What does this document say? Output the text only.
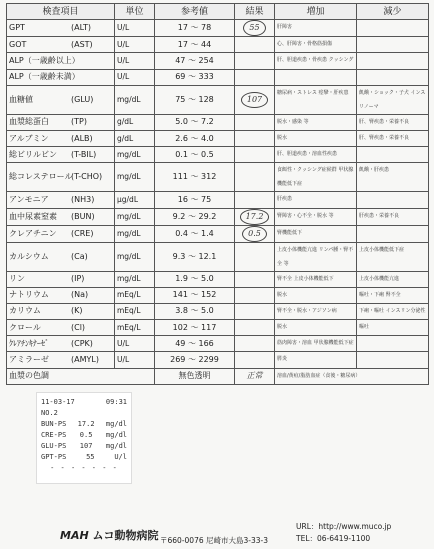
検査項目	単位	参考値	結果	増加	減少
GPT (ALT)	U/L	17 〜 78	55	肝障害	
GOT (AST)	U/L	17 〜 44		心、肝障害・骨格筋損傷	
ALP（一歳齢以上）	U/L	47 〜 254		肝、胆道疾患・骨疾患 クッシング	
ALP（一歳齢未満）	U/L	69 〜 333			
血糖値 (GLU)	mg/dL	75 〜 128	107	糖尿病・ストレス 痙攣・肝疾患	飢餓・ショック・子犬 インスリノーマ
血漿総蛋白 (TP)	g/dL	5.0 〜 7.2		脱水・感染 等	肝、腎疾患・栄養不良
アルブミン (ALB)	g/dL	2.6 〜 4.0		脱水	肝、腎疾患・栄養不良
総ビリルビン (T-BIL)	mg/dL	0.1 〜 0.5		肝、胆道疾患・溶血性疾患	
総コレステロール(T-CHO)	mg/dL	111 〜 312		食餌性・クッシング症候群 甲状腺機能低下症	飢餓・肝疾患
アンモニア (NH3)	μg/dL	16 〜 75		肝疾患	
血中尿素窒素 (BUN)	mg/dL	9.2 〜 29.2	17.2	腎障害・心不全・脱水 等	肝疾患・栄養不良
クレアチニン (CRE)	mg/dL	0.4 〜 1.4	0.5	腎機能低下	
カルシウム (Ca)	mg/dL	9.3 〜 12.1		上皮小体機能亢進 リンパ腫・腎不全 等	上皮小体機能低下症
リン (IP)	mg/dL	1.9 〜 5.0		腎不全 上皮小体機能低下	上皮小体機能亢進
ナトリウム (Na)	mEq/L	141 〜 152		脱水	嘔吐・下痢 腎不全
カリウム (K)	mEq/L	3.8 〜 5.0		腎不全・脱水・アジソン病	下痢・嘔吐 インスリン分泌性
クロール (Cl)	mEq/L	102 〜 117		脱水	嘔吐
ｸﾚｱﾁﾝｷﾅｰｾﾞ (CPK)	U/L	49 〜 166		筋肉障害・溶血 甲状腺機能低下症	
アミラーゼ (AMYL)	U/L	269 〜 2299		膵炎	
血漿の色調		無色透明	正常	溶血/黄疸/脂肪血症（食後・糖尿病）	
11-03-17	09:31
NO.2
BUN-PS 17.2 mg/dl
CRE-PS 0.5 mg/dl
GLU-PS 107 mg/dl
GPT-PS	55	U/l
- - - - - - -
MAH ムコ動物病院 〒660-0076 尼崎市大島3-33-3
URL：http://www.muco.jp
TEL：06-6419-1100
